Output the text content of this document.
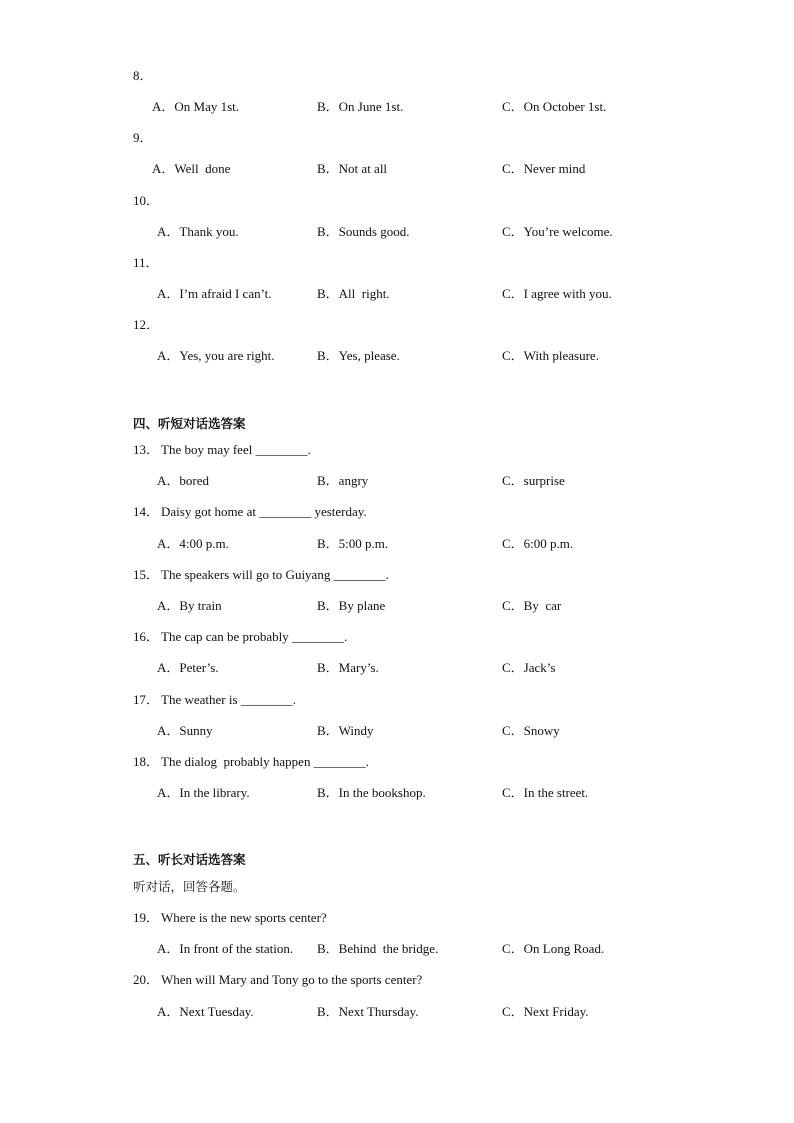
8．
A．On May 1st.	B．On June 1st.	C．On October 1st.
9．
A．Well  done	B．Not at all	C．Never mind
10．
A．Thank you.	B．Sounds good.	C．You’re welcome.
11．
A．I’m afraid I can’t.	B．All  right.	C．I agree with you.
12．
A．Yes, you are right.	B．Yes, please.	C．With pleasure.
四、听短对话选答案
13． The boy may feel ________.
A．bored	B．angry	C．surprise
14． Daisy got home at ________ yesterday.
A．4:00 p.m.	B．5:00 p.m.	C．6:00 p.m.
15． The speakers will go to Guiyang ________.
A．By train	B．By plane	C．By  car
16． The cap can be probably ________.
A．Peter’s.	B．Mary’s.	C．Jack’s
17． The weather is ________.
A．Sunny	B．Windy	C．Snowy
18． The dialog  probably happen ________.
A．In the library.	B．In the bookshop.	C．In the street.
五、听长对话选答案
听对话，回答各题。
19． Where is the new sports center?
A．In front of the station. B．Behind  the bridge.	C．On Long Road.
20． When will Mary and Tony go to the sports center?
A．Next Tuesday.	B．Next Thursday.	C．Next Friday.
